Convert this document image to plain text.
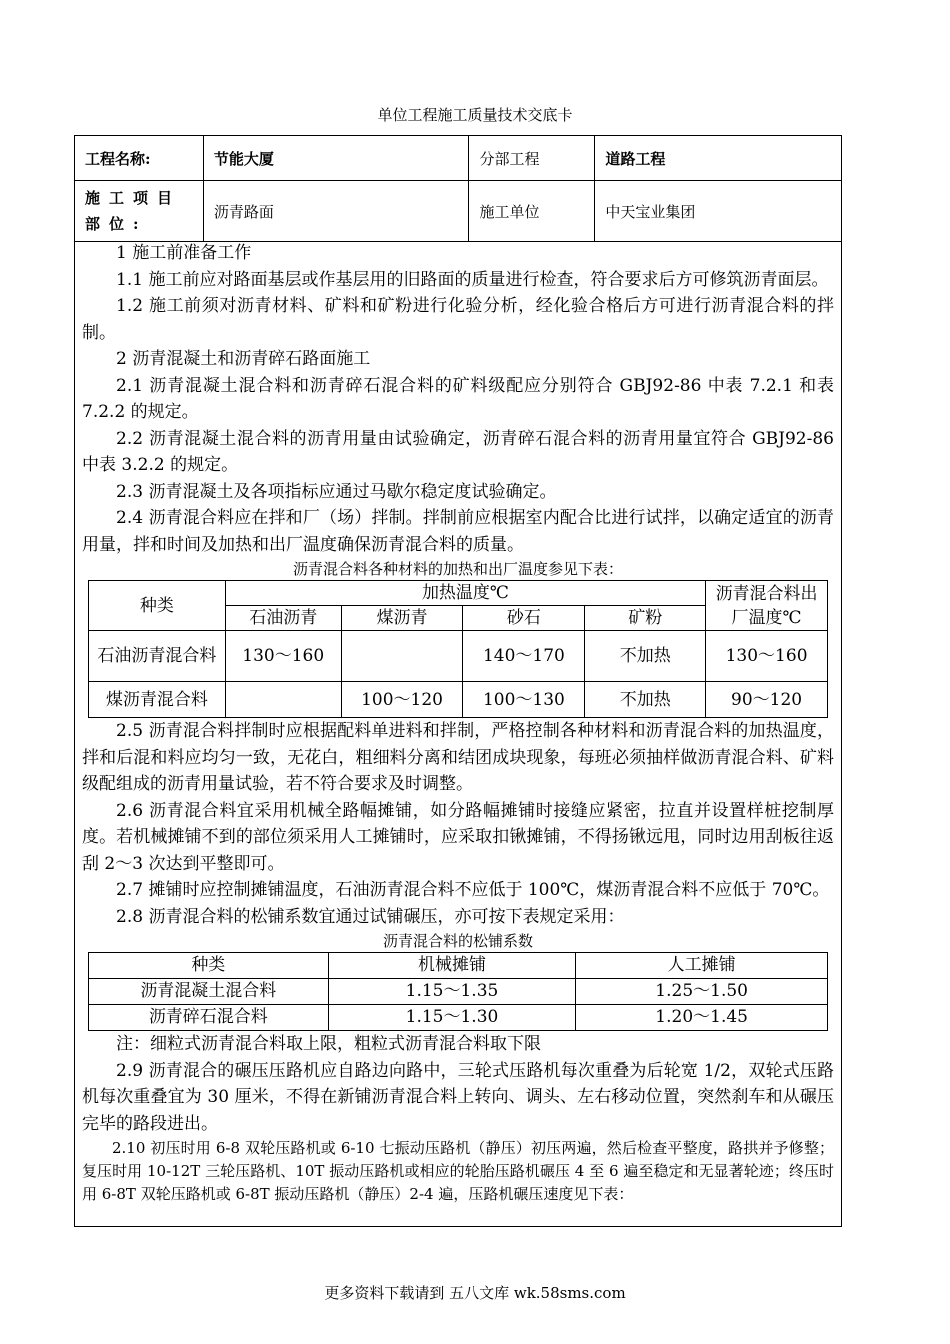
单位工程施工质量技术交底卡
工程名称:	节能大厦	分部工程	道路工程
施工项目部位:	沥青路面	施工单位	中天宝业集团

1 施工前准备工作

1.1 施工前应对路面基层或作基层用的旧路面的质量进行检查，符合要求后方可修筑沥青面层。

1.2 施工前须对沥青材料、矿料和矿粉进行化验分析，经化验合格后方可进行沥青混合料的拌制。

2 沥青混凝土和沥青碎石路面施工

2.1 沥青混凝土混合料和沥青碎石混合料的矿料级配应分别符合 GBJ92-86 中表 7.2.1 和表 7.2.2 的规定。

2.2 沥青混凝土混合料的沥青用量由试验确定，沥青碎石混合料的沥青用量宜符合 GBJ92-86 中表 3.2.2 的规定。

2.3 沥青混凝土及各项指标应通过马歇尔稳定度试验确定。

2.4 沥青混合料应在拌和厂（场）拌制。拌制前应根据室内配合比进行试拌，以确定适宜的沥青用量，拌和时间及加热和出厂温度确保沥青混合料的质量。

沥青混合料各种材料的加热和出厂温度参见下表：
种类	加热温度℃				沥青混合料出厂温度℃
	石油沥青	煤沥青	砂石	矿粉	
石油沥青混合料	130～160		140～170	不加热	130～160
煤沥青混合料		100～120	100～130	不加热	90～120

2.5 沥青混合料拌制时应根据配料单进料和拌制，严格控制各种材料和沥青混合料的加热温度，拌和后混和料应均匀一致，无花白，粗细料分离和结团成块现象，每班必须抽样做沥青混合料、矿料级配组成的沥青用量试验，若不符合要求及时调整。

2.6 沥青混合料宜采用机械全路幅摊铺，如分路幅摊铺时接缝应紧密，拉直并设置样桩挖制厚度。若机械摊铺不到的部位须采用人工摊铺时，应采取扣锹摊铺，不得扬锹远甩，同时边用刮板往返刮 2～3 次达到平整即可。

2.7 摊铺时应控制摊铺温度，石油沥青混合料不应低于 100℃，煤沥青混合料不应低于 70℃。

2.8 沥青混合料的松铺系数宜通过试铺碾压，亦可按下表规定采用：

沥青混合料的松铺系数
种类	机械摊铺	人工摊铺
沥青混凝土混合料	1.15～1.35	1.25～1.50
沥青碎石混合料	1.15～1.30	1.20～1.45

注：细粒式沥青混合料取上限，粗粒式沥青混合料取下限

2.9 沥青混合的碾压压路机应自路边向路中，三轮式压路机每次重叠为后轮宽 1/2，双轮式压路机每次重叠宜为 30 厘米，不得在新铺沥青混合料上转向、调头、左右移动位置，突然刹车和从碾压完毕的路段进出。

2.10 初压时用 6-8 双轮压路机或 6-10 七振动压路机（静压）初压两遍，然后检查平整度，路拱并予修整；复压时用 10-12T 三轮压路机、10T 振动压路机或相应的轮胎压路机碾压 4 至 6 遍至稳定和无显著轮迹；终压时用 6-8T 双轮压路机或 6-8T 振动压路机（静压）2-4 遍，压路机碾压速度见下表：

更多资料下载请到 五八文库 wk.58sms.com
